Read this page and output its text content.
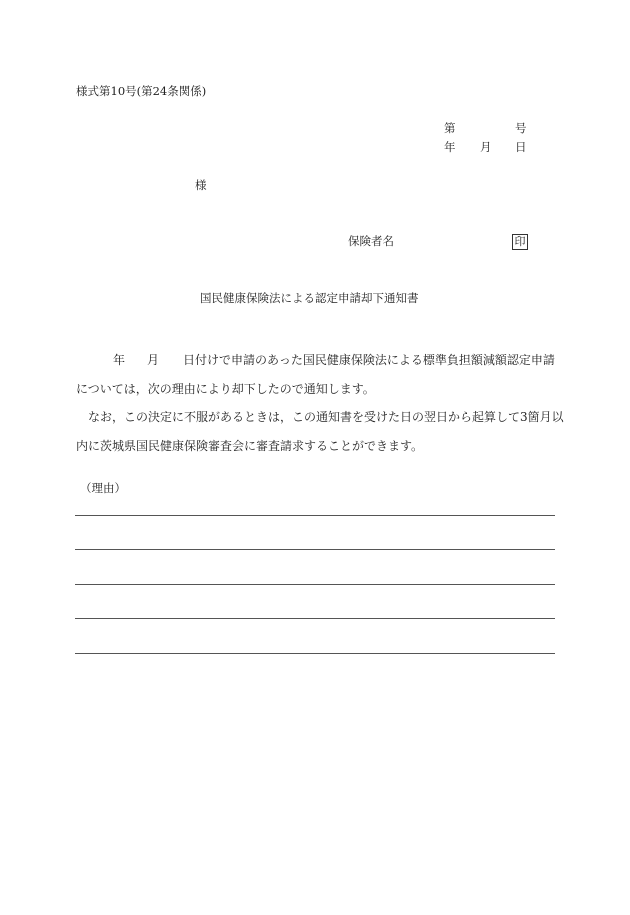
様式第10号(第24条関係)
第	号
年 月 日
様
保険者名	印
国民健康保険法による認定申請却下通知書
年 月 日付けで申請のあった国民健康保険法による標準負担額減額認定申請
については，次の理由により却下したので通知します。
なお，この決定に不服があるときは，この通知書を受けた日の翌日から起算して3箇月以
内に茨城県国民健康保険審査会に審査請求することができます。
（理由）
